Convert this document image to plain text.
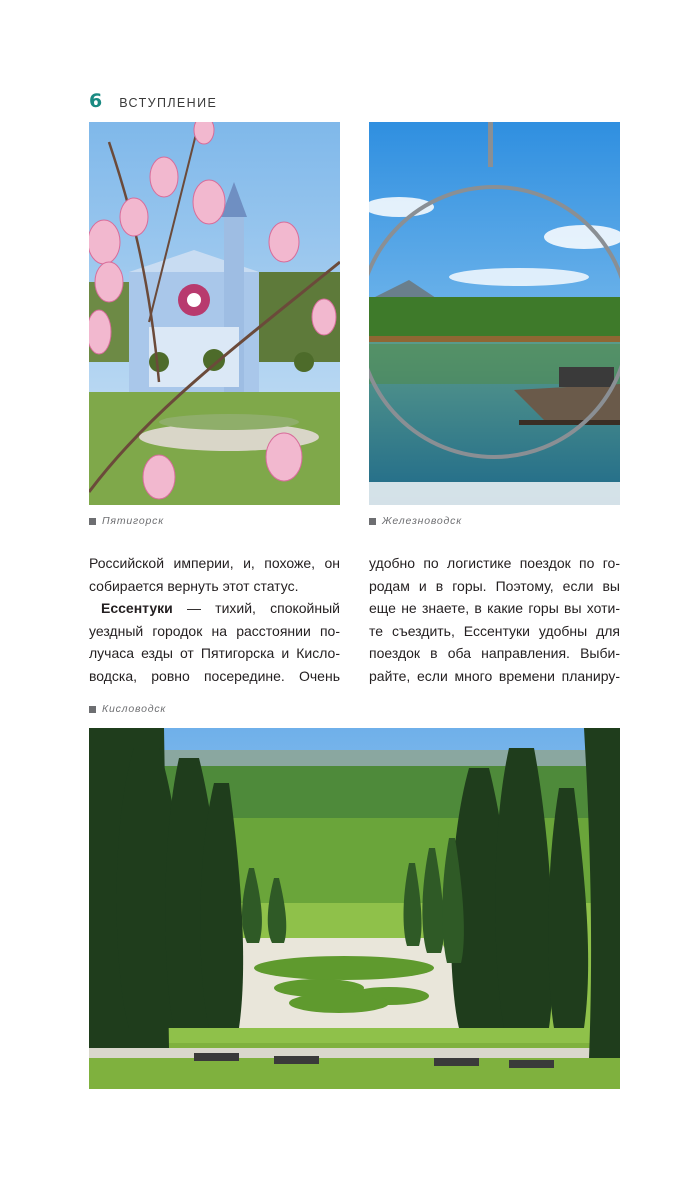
6 ВСТУПЛЕНИЕ
Пятигорск	Железноводск

Российской империи, и, похоже, он

собирается вернуть этот статус.

Ессентуки — тихий, спокойный

уездный городок на расстоянии по-

лучаса езды от Пятигорска и Кисло-

водска, ровно посередине. Очень

удобно по логистике поездок по го-

родам и в горы. Поэтому, если вы

еще не знаете, в какие горы вы хоти-

те съездить, Ессентуки удобны для

поездок в оба направления. Выби-

райте, если много времени планиру-

Кисловодск
